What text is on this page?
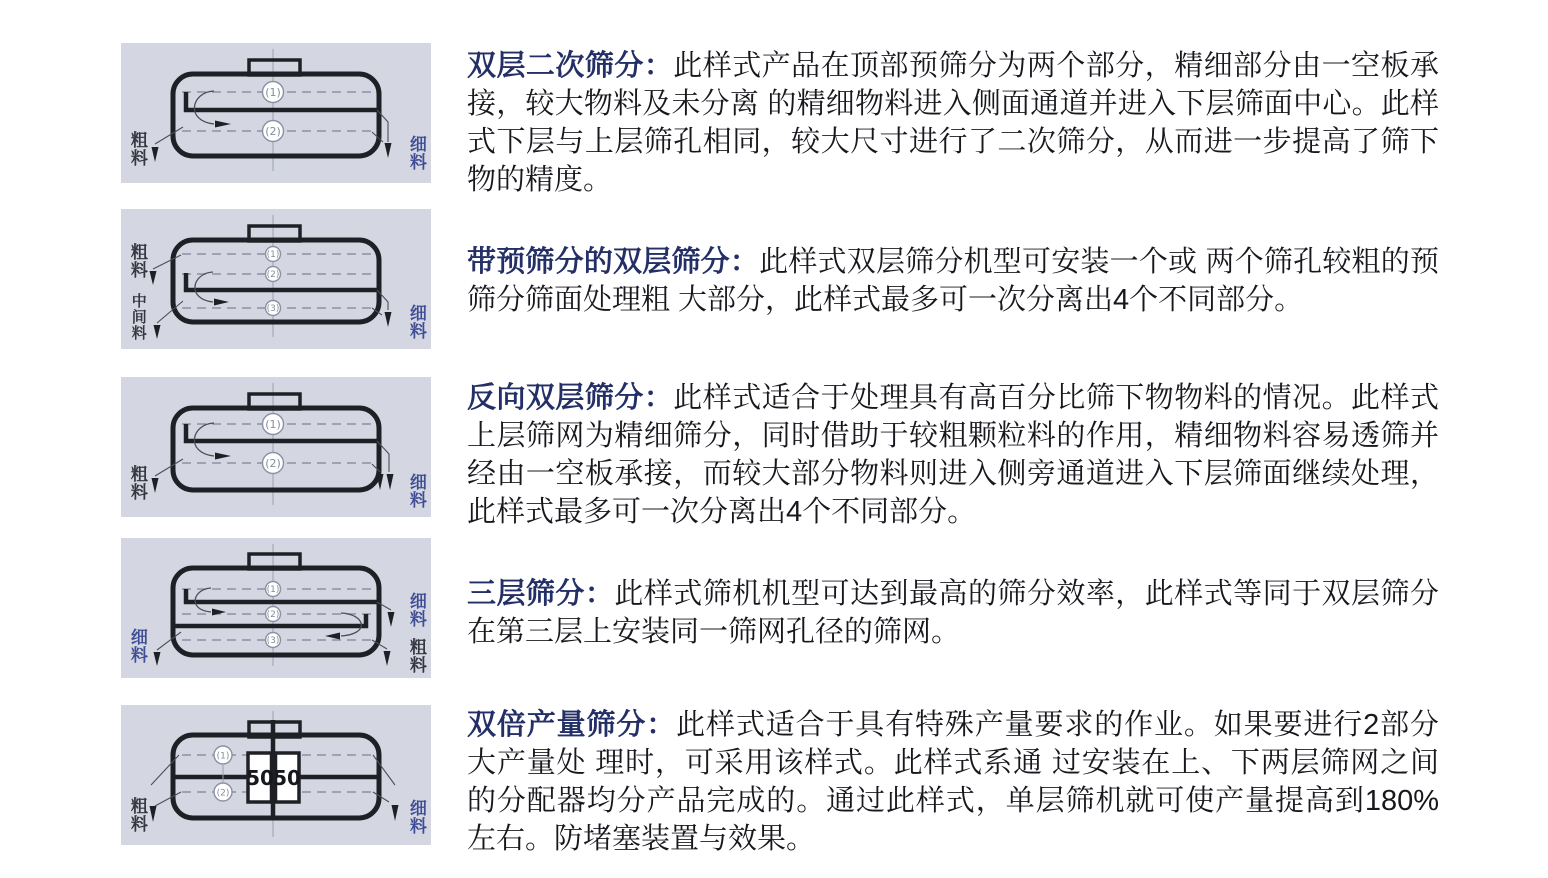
(1)
(2)
粗料	细料
(1)
(2)
(3)
粗料
中间料	细料
(1)
(2)
粗料	细料
(1)
(2)
(3)
细料
细料
粗料
(1)
(2)
50 50
粗料	细料
双层二次筛分：此样式产品在顶部预筛分为两个部分，精细部分由一空板承接，较大物料及未分离 的精细物料进入侧面通道并进入下层筛面中心。此样式下层与上层筛孔相同，较大尺寸进行了二次筛分，从而进一步提高了筛下物的精度。
带预筛分的双层筛分：此样式双层筛分机型可安装一个或 两个筛孔较粗的预筛分筛面处理粗 大部分，此样式最多可一次分离出4个不同部分。
反向双层筛分：此样式适合于处理具有高百分比筛下物物料的情况。此样式上层筛网为精细筛分，同时借助于较粗颗粒料的作用，精细物料容易透筛并经由一空板承接，而较大部分物料则进入侧旁通道进入下层筛面继续处理，此样式最多可一次分离出4个不同部分。
三层筛分：此样式筛机机型可达到最高的筛分效率，此样式等同于双层筛分在第三层上安装同一筛网孔径的筛网。
双倍产量筛分：此样式适合于具有特殊产量要求的作业。如果要进行2部分大产量处 理时，可采用该样式。此样式系通 过安装在上、下两层筛网之间的分配器均分产品完成的。通过此样式，单层筛机就可使产量提高到180%左右。防堵塞装置与效果。
